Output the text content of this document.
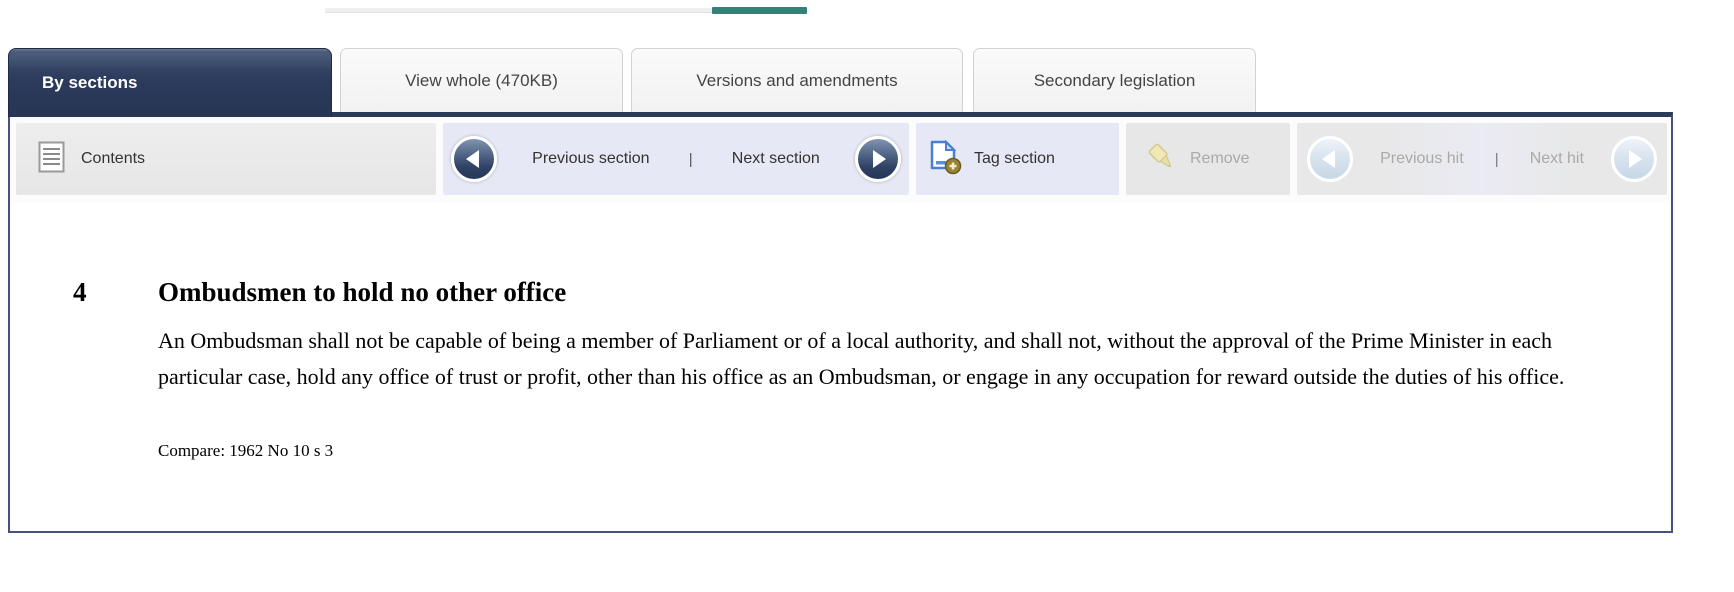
By sections	View whole (470KB)	Versions and amendments	Secondary legislation
Contents	Previous section	| Next section	Tag section	Remove	Previous hit | Next hit
4	Ombudsmen to hold no other office
An Ombudsman shall not be capable of being a member of Parliament or of a local authority, and shall not, without the approval of the Prime Minister in each particular case, hold any office of trust or profit, other than his office as an Ombudsman, or engage in any occupation for reward outside the duties of his office.
Compare: 1962 No 10 s 3
